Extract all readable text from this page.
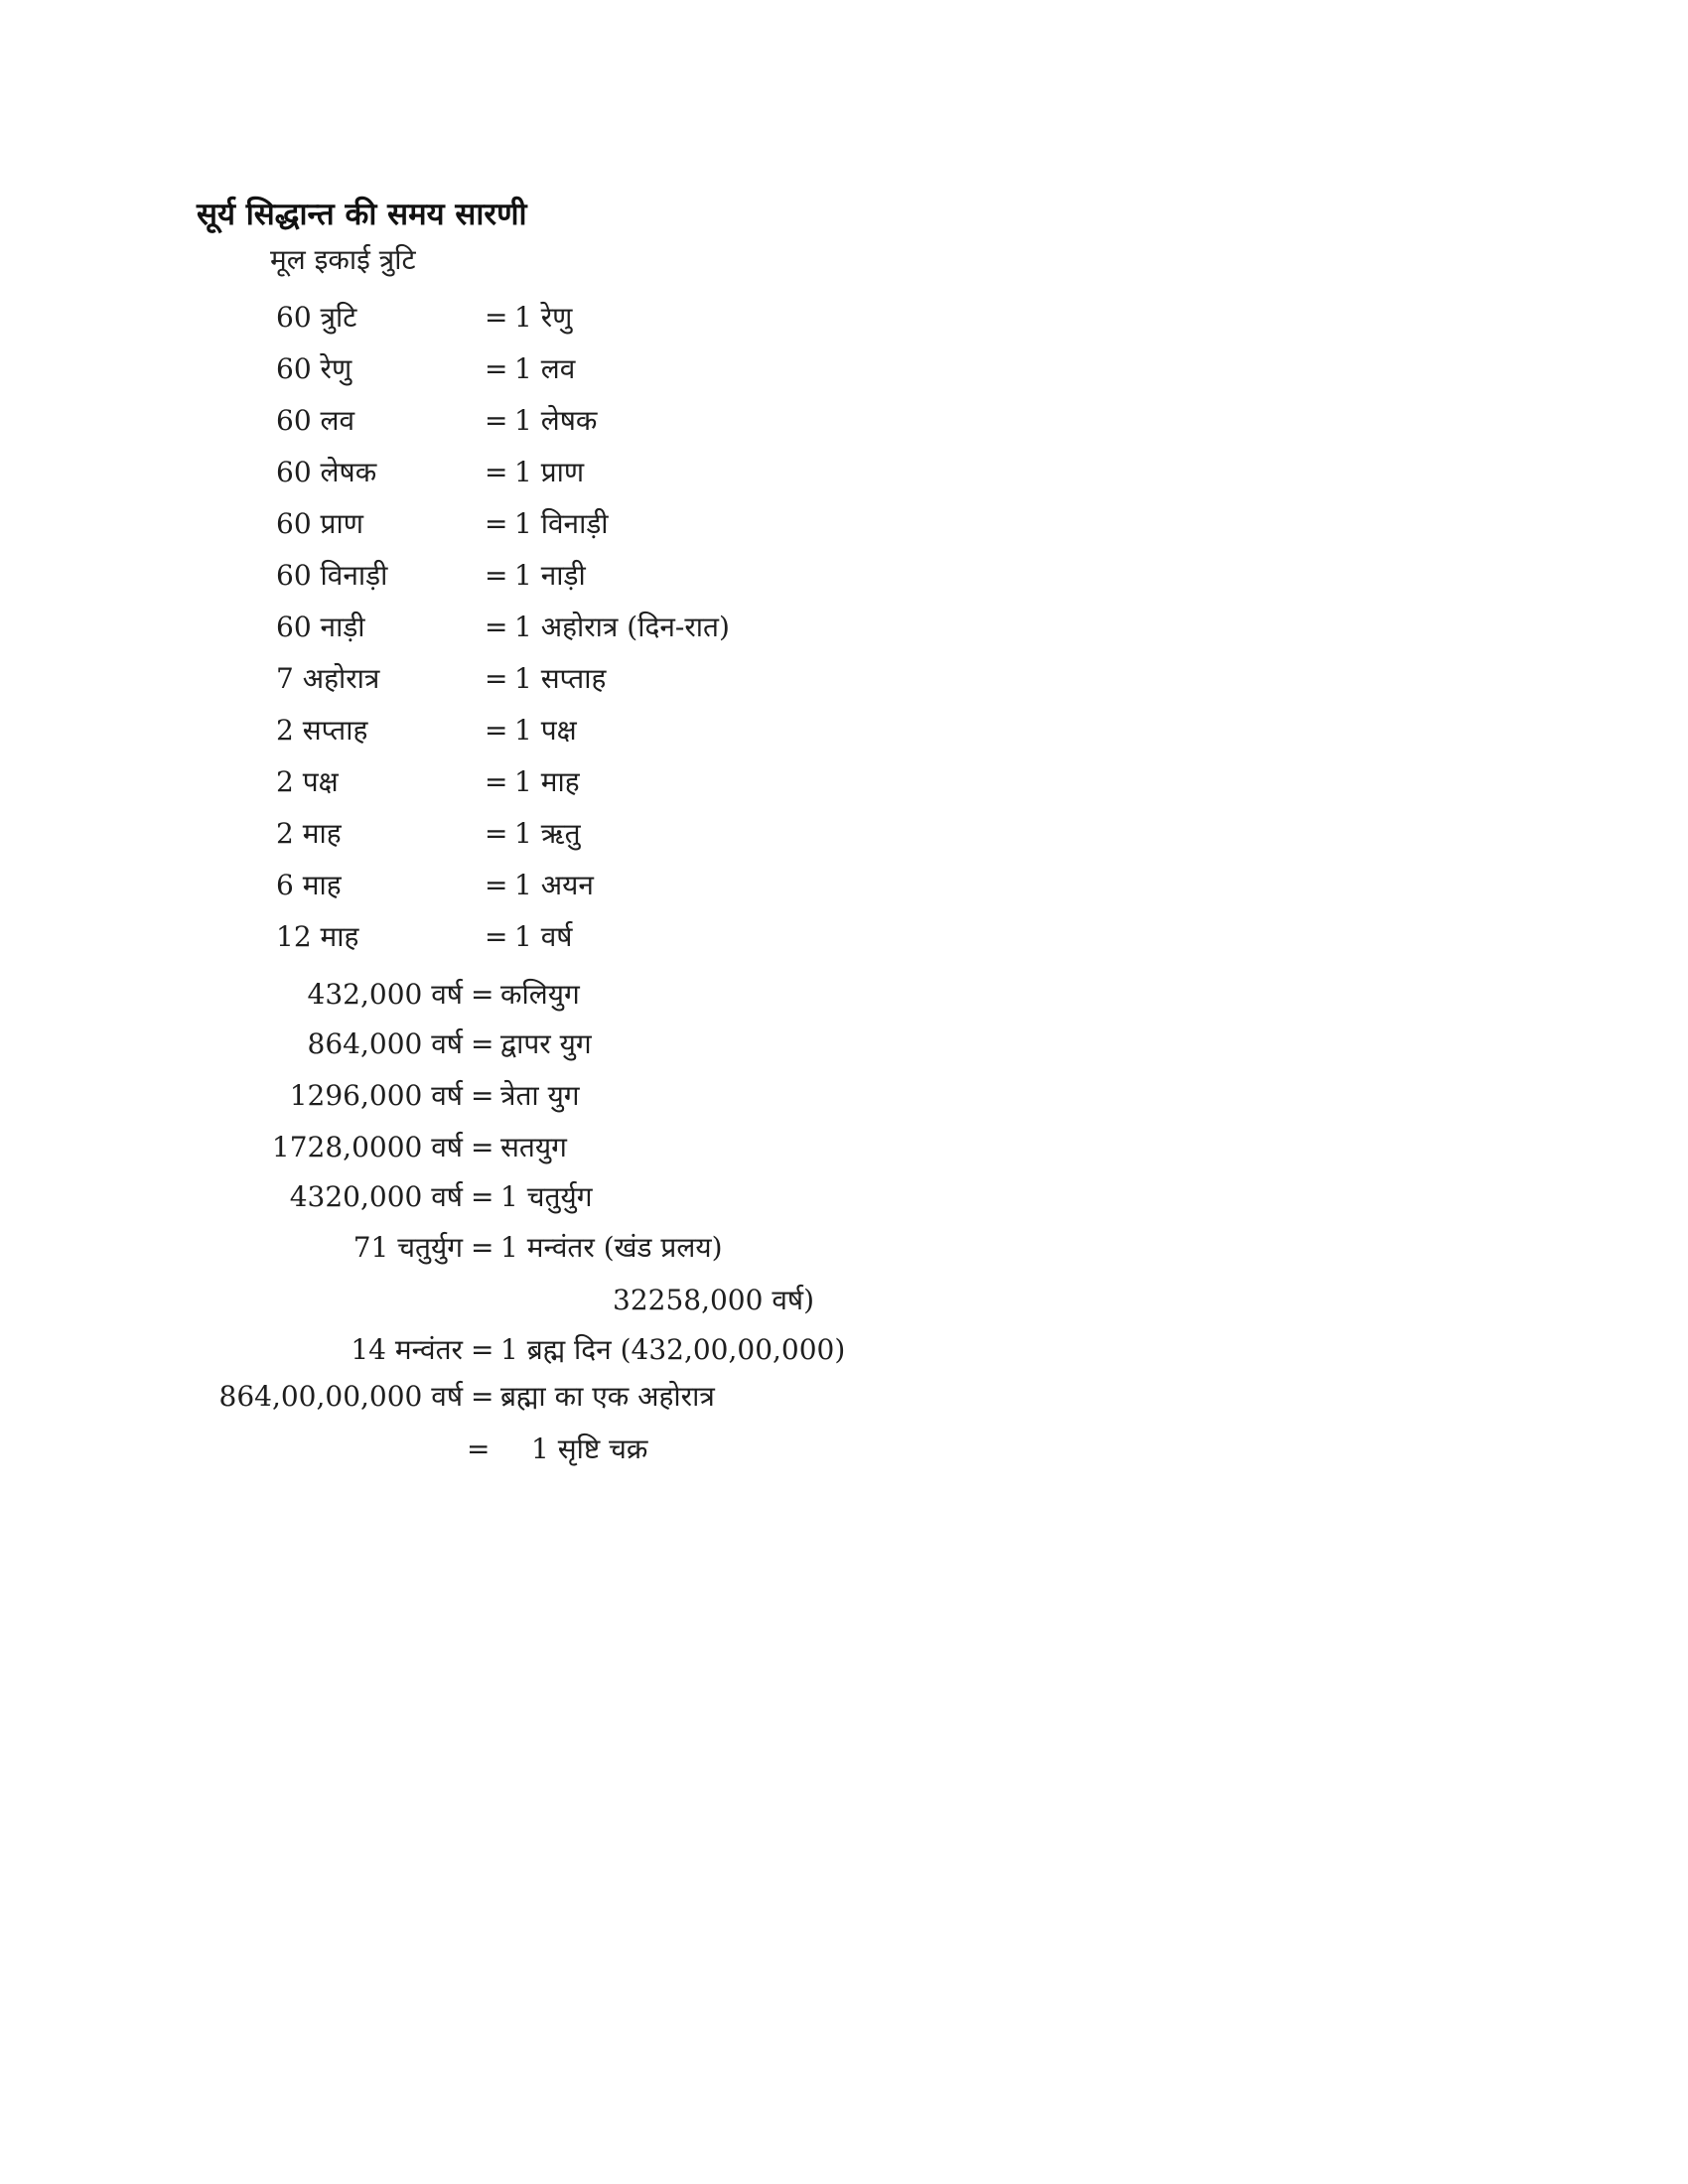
सूर्य सिद्धान्त की समय सारणी
मूल इकाई त्रुटि
60 त्रुटि	= 1 रेणु
60 रेणु	= 1 लव
60 लव	= 1 लेषक
60 लेषक	= 1 प्राण
60 प्राण	= 1 विनाड़ी
60 विनाड़ी	= 1 नाड़ी
60 नाड़ी	= 1 अहोरात्र (दिन-रात)
7 अहोरात्र	= 1 सप्ताह
2 सप्ताह	= 1 पक्ष
2 पक्ष	= 1 माह
2 माह	= 1 ऋतु
6 माह	= 1 अयन
12 माह	= 1 वर्ष
432,000 वर्ष = कलियुग
864,000 वर्ष = द्वापर युग
1296,000 वर्ष = त्रेता युग
1728,0000 वर्ष = सतयुग
4320,000 वर्ष = 1 चतुर्युग
71 चतुर्युग = 1 मन्वंतर (खंड प्रलय)
32258,000 वर्ष)
14 मन्वंतर = 1 ब्रह्म दिन (432,00,00,000)
864,00,00,000 वर्ष = ब्रह्मा का एक अहोरात्र
= 1 सृष्टि चक्र
